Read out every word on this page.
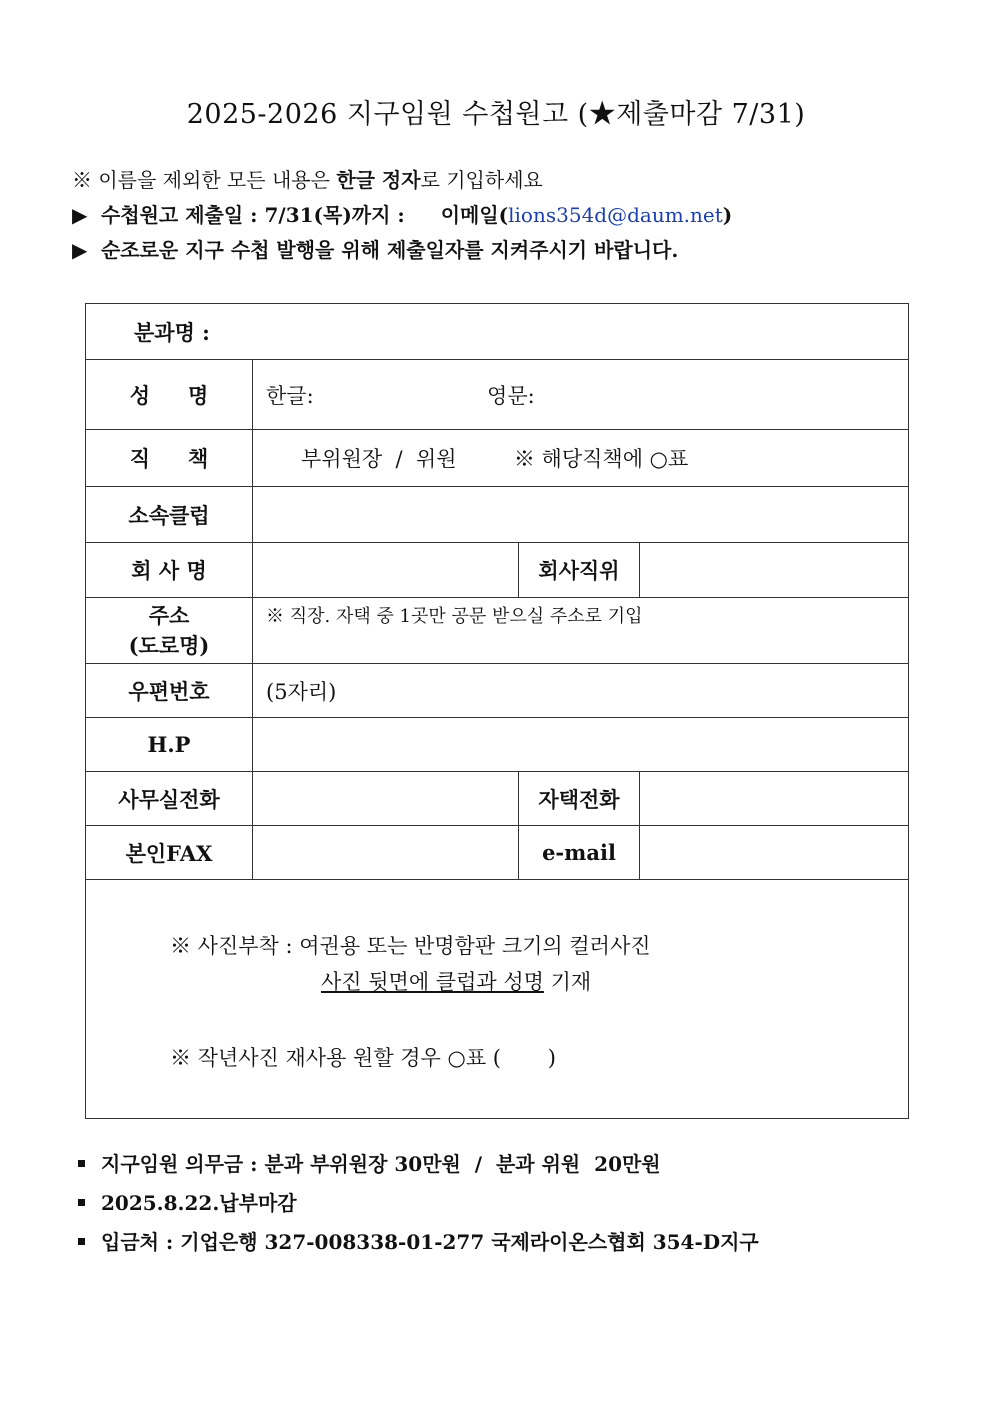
2025-2026 지구임원 수첩원고 (★제출마감 7/31)
※ 이름을 제외한 모든 내용은 한글 정자로 기입하세요
▶ 수첩원고 제출일 : 7/31(목)까지 : 이메일(lions354d@daum.net)
▶ 순조로운 지구 수첩 발행을 위해 제출일자를 지켜주시기 바랍니다.
분과명 :			
성명	한글: 영문:		
직책	부위원장  /  위원 ※ 해당직책에 ○표		
소속클럽			
회 사 명		회사직위	

주소
(도로명)	※ 직장. 자택 중 1곳만 공문 받으실 주소로 기입		
우편번호	(5자리)		
H.P			
사무실전화		자택전화	
본인FAX		e-mail	

※ 사진부착 : 여권용 또는 반명함판 크기의 컬러사진
사진 뒷면에 클럽과 성명 기재
※ 작년사진 재사용 원할 경우 ○표 (       )			
지구임원 의무금 : 분과 부위원장 30만원  /  분과 위원  20만원
2025.8.22.납부마감
입금처 : 기업은행 327-008338-01-277 국제라이온스협회 354-D지구
